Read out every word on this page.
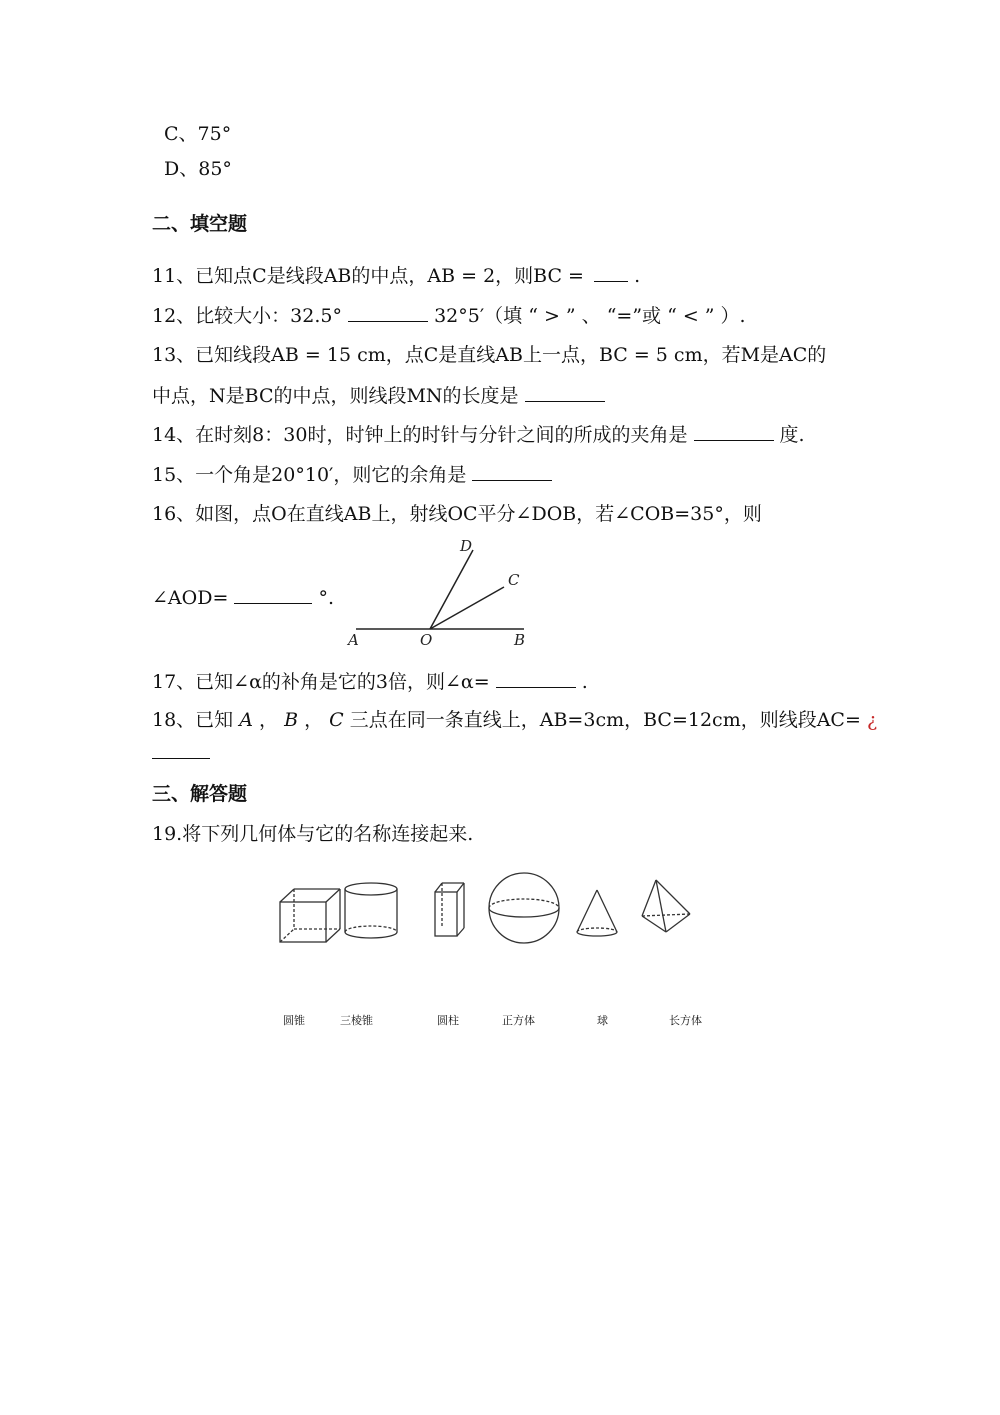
C、75°
D、85°
二、填空题
11、已知点C是线段AB的中点，AB = 2，则BC =	.
12、比较大小：32.5°	32°5′（填 “ > ” 、 “=”或 “ < ” ）.
13、已知线段AB = 15 cm，点C是直线AB上一点，BC = 5 cm，若M是AC的
中点，N是BC的中点，则线段MN的长度是
14、在时刻8：30时，时钟上的时针与分针之间的所成的夹角是	度.
15、一个角是20°10′，则它的余角是
16、如图，点O在直线AB上，射线OC平分∠DOB，若∠COB=35°，则
∠AOD=	°.
D
C
A	O	B
17、已知∠α的补角是它的3倍，则∠α=	.
18、已知 A ， B ， C 三点在同一条直线上，AB=3cm，BC=12cm，则线段AC= ¿
三、解答题
19.将下列几何体与它的名称连接起来.
圆锥	三棱锥	圆柱	正方体	球	长方体
